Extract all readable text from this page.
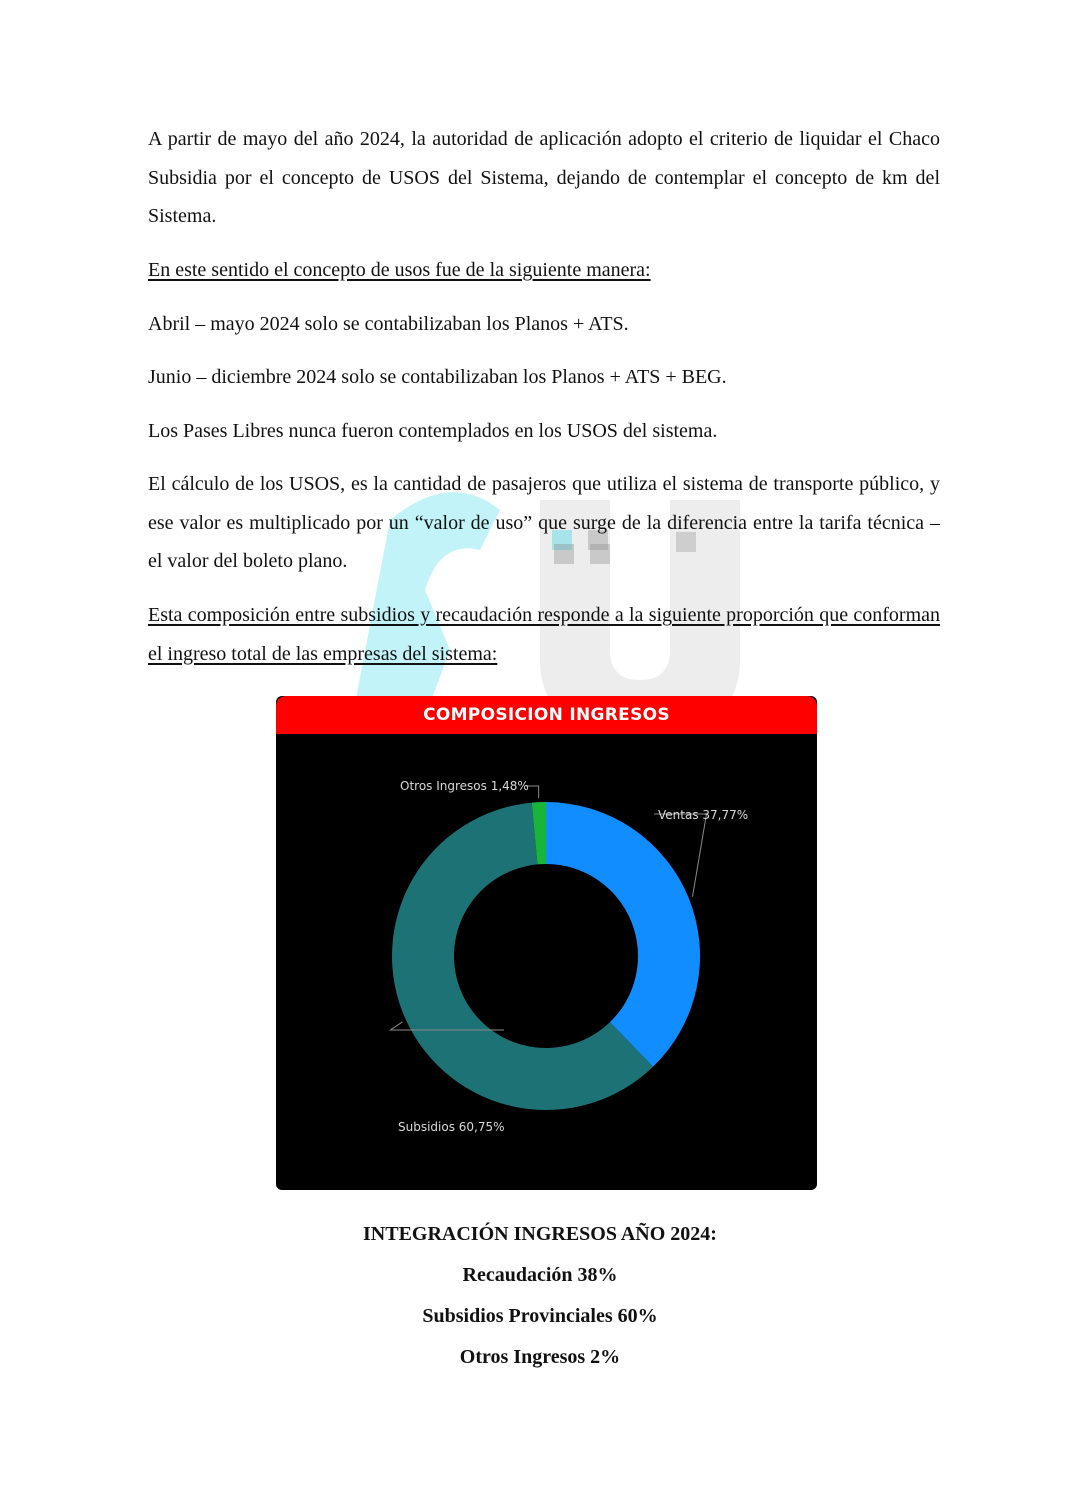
A partir de mayo del año 2024, la autoridad de aplicación adopto el criterio de liquidar el Chaco Subsidia por el concepto de USOS del Sistema, dejando de contemplar el concepto de km del Sistema.

En este sentido el concepto de usos fue de la siguiente manera:

Abril – mayo 2024 solo se contabilizaban los Planos + ATS.

Junio – diciembre 2024 solo se contabilizaban los Planos + ATS + BEG.

Los Pases Libres nunca fueron contemplados en los USOS del sistema.

El cálculo de los USOS, es la cantidad de pasajeros que utiliza el sistema de transporte público, y ese valor es multiplicado por un “valor de uso” que surge de la diferencia entre la tarifa técnica – el valor del boleto plano.

Esta composición entre subsidios y recaudación responde a la siguiente proporción que conforman el ingreso total de las empresas del sistema:

COMPOSICION INGRESOS
Ventas 37,77%
Subsidios 60,75%
Otros Ingresos 1,48%

INTEGRACIÓN INGRESOS AÑO 2024:

Recaudación 38%

Subsidios Provinciales 60%

Otros Ingresos 2%
